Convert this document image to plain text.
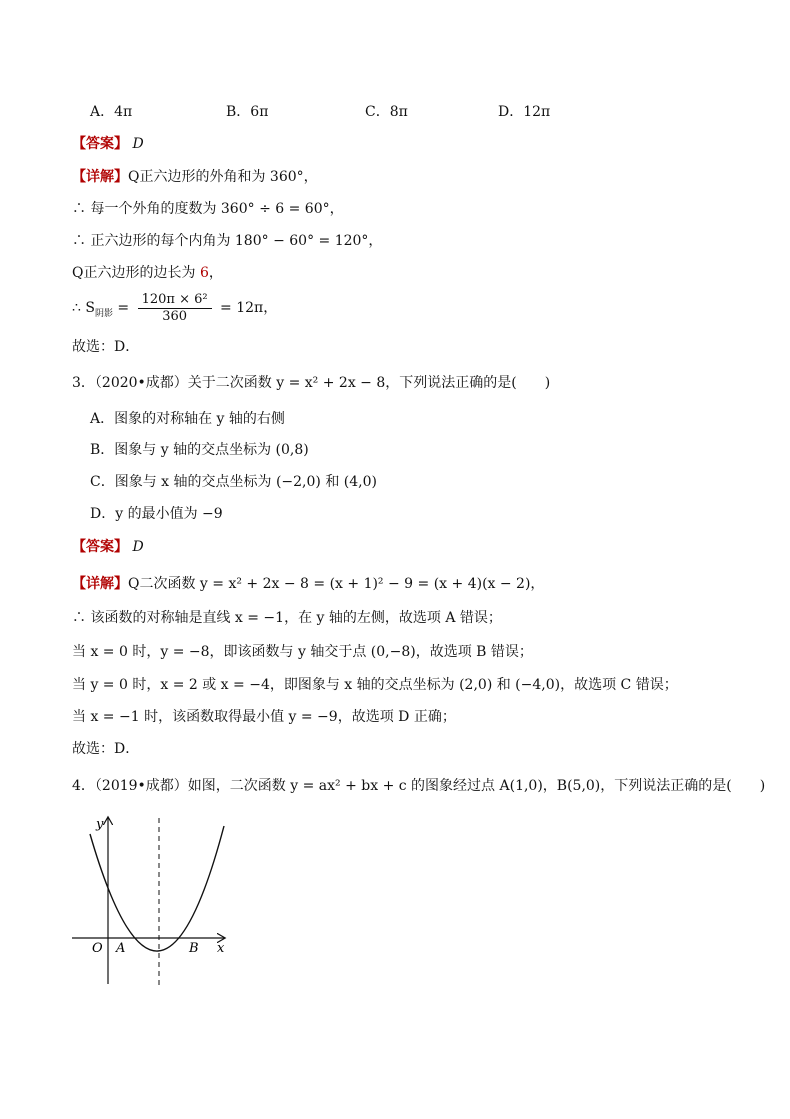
A．4π	B．6π	C．8π	D．12π
【答案】 D
【详解】Q正六边形的外角和为 360°，
∴ 每一个外角的度数为 360° ÷ 6 = 60°，
∴ 正六边形的每个内角为 180° − 60° = 120°，
Q正六边形的边长为 6，
∴ $S_{阴影} = \frac{\text{120π × 6²}}{360} = 12\pi$，
故选：D．
3．（2020•成都）关于二次函数 y = x² + 2x − 8，下列说法正确的是(　　)
A．图象的对称轴在 y 轴的右侧
B．图象与 y 轴的交点坐标为 (0,8)
C．图象与 x 轴的交点坐标为 (−2,0) 和 (4,0)
D．y 的最小值为 −9
【答案】 D
【详解】Q二次函数 y = x² + 2x − 8 = (x + 1)² − 9 = (x + 4)(x − 2)，
∴ 该函数的对称轴是直线 x = −1，在 y 轴的左侧，故选项 A 错误；
当 x = 0 时，y = −8，即该函数与 y 轴交于点 (0,−8)，故选项 B 错误；
当 y = 0 时，x = 2 或 x = −4，即图象与 x 轴的交点坐标为 (2,0) 和 (−4,0)，故选项 C 错误；
当 x = −1 时，该函数取得最小值 y = −9，故选项 D 正确；
故选：D．
4．（2019•成都）如图，二次函数 y = ax² + bx + c 的图象经过点 A(1,0)，B(5,0)，下列说法正确的是(　　)
y
x
O A	B
